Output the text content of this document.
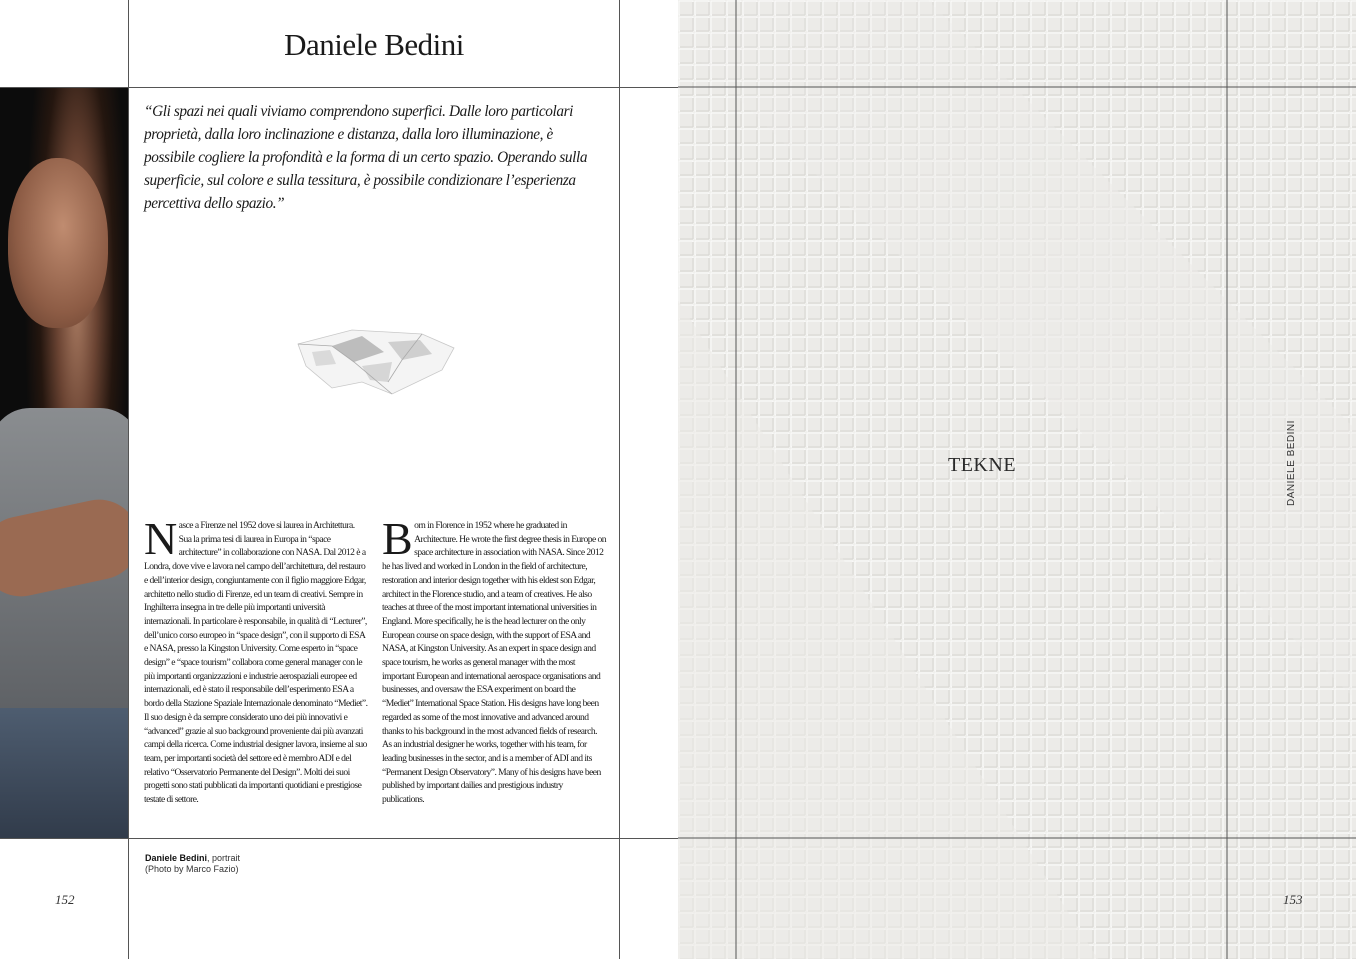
Daniele Bedini
“Gli spazi nei quali viviamo comprendono superfici. Dalle loro particolari proprietà, dalla loro inclinazione e distanza, dalla loro illuminazione, è possibile cogliere la profondità e la forma di un certo spazio. Operando sulla superficie, sul colore e sulla tessitura, è possibile condizionare l’esperienza percettiva dello spazio.”
Nasce a Firenze nel 1952 dove si laurea in Architettura. Sua la prima tesi di laurea in Europa in “space architecture” in collaborazione con NASA. Dal 2012 è a Londra, dove vive e lavora nel campo dell’architettura, del restauro e dell’interior design, congiuntamente con il figlio maggiore Edgar, architetto nello studio di Firenze, ed un team di creativi. Sempre in Inghilterra insegna in tre delle più importanti università internazionali. In particolare è responsabile, in qualità di “Lecturer”, dell’unico corso europeo in “space design”, con il supporto di ESA e NASA, presso la Kingston University. Come esperto in “space design” e “space tourism” collabora come general manager con le più importanti organizzazioni e industrie aerospaziali europee ed internazionali, ed è stato il responsabile dell’esperimento ESA a bordo della Stazione Spaziale Internazionale denominato “Mediet”. Il suo design è da sempre considerato uno dei più innovativi e “advanced” grazie al suo background proveniente dai più avanzati campi della ricerca. Come industrial designer lavora, insieme al suo team, per importanti società del settore ed è membro ADI e del relativo “Osservatorio Permanente del Design”. Molti dei suoi progetti sono stati pubblicati da importanti quotidiani e prestigiose testate di settore.
Born in Florence in 1952 where he graduated in Architecture. He wrote the first degree thesis in Europe on space architecture in association with NASA. Since 2012 he has lived and worked in London in the field of architecture, restoration and interior design together with his eldest son Edgar, architect in the Florence studio, and a team of creatives. He also teaches at three of the most important international universities in England. More specifically, he is the head lecturer on the only European course on space design, with the support of ESA and NASA, at Kingston University. As an expert in space design and space tourism, he works as general manager with the most important European and international aerospace organisations and businesses, and oversaw the ESA experiment on board the “Mediet” International Space Station. His designs have long been regarded as some of the most innovative and advanced around thanks to his background in the most advanced fields of research. As an industrial designer he works, together with his team, for leading businesses in the sector, and is a member of ADI and its “Permanent Design Observatory”. Many of his designs have been published by important dailies and prestigious industry publications.
Daniele Bedini, portrait
(Photo by Marco Fazio)
152
TEKNE	DANIELE BEDINI
153
